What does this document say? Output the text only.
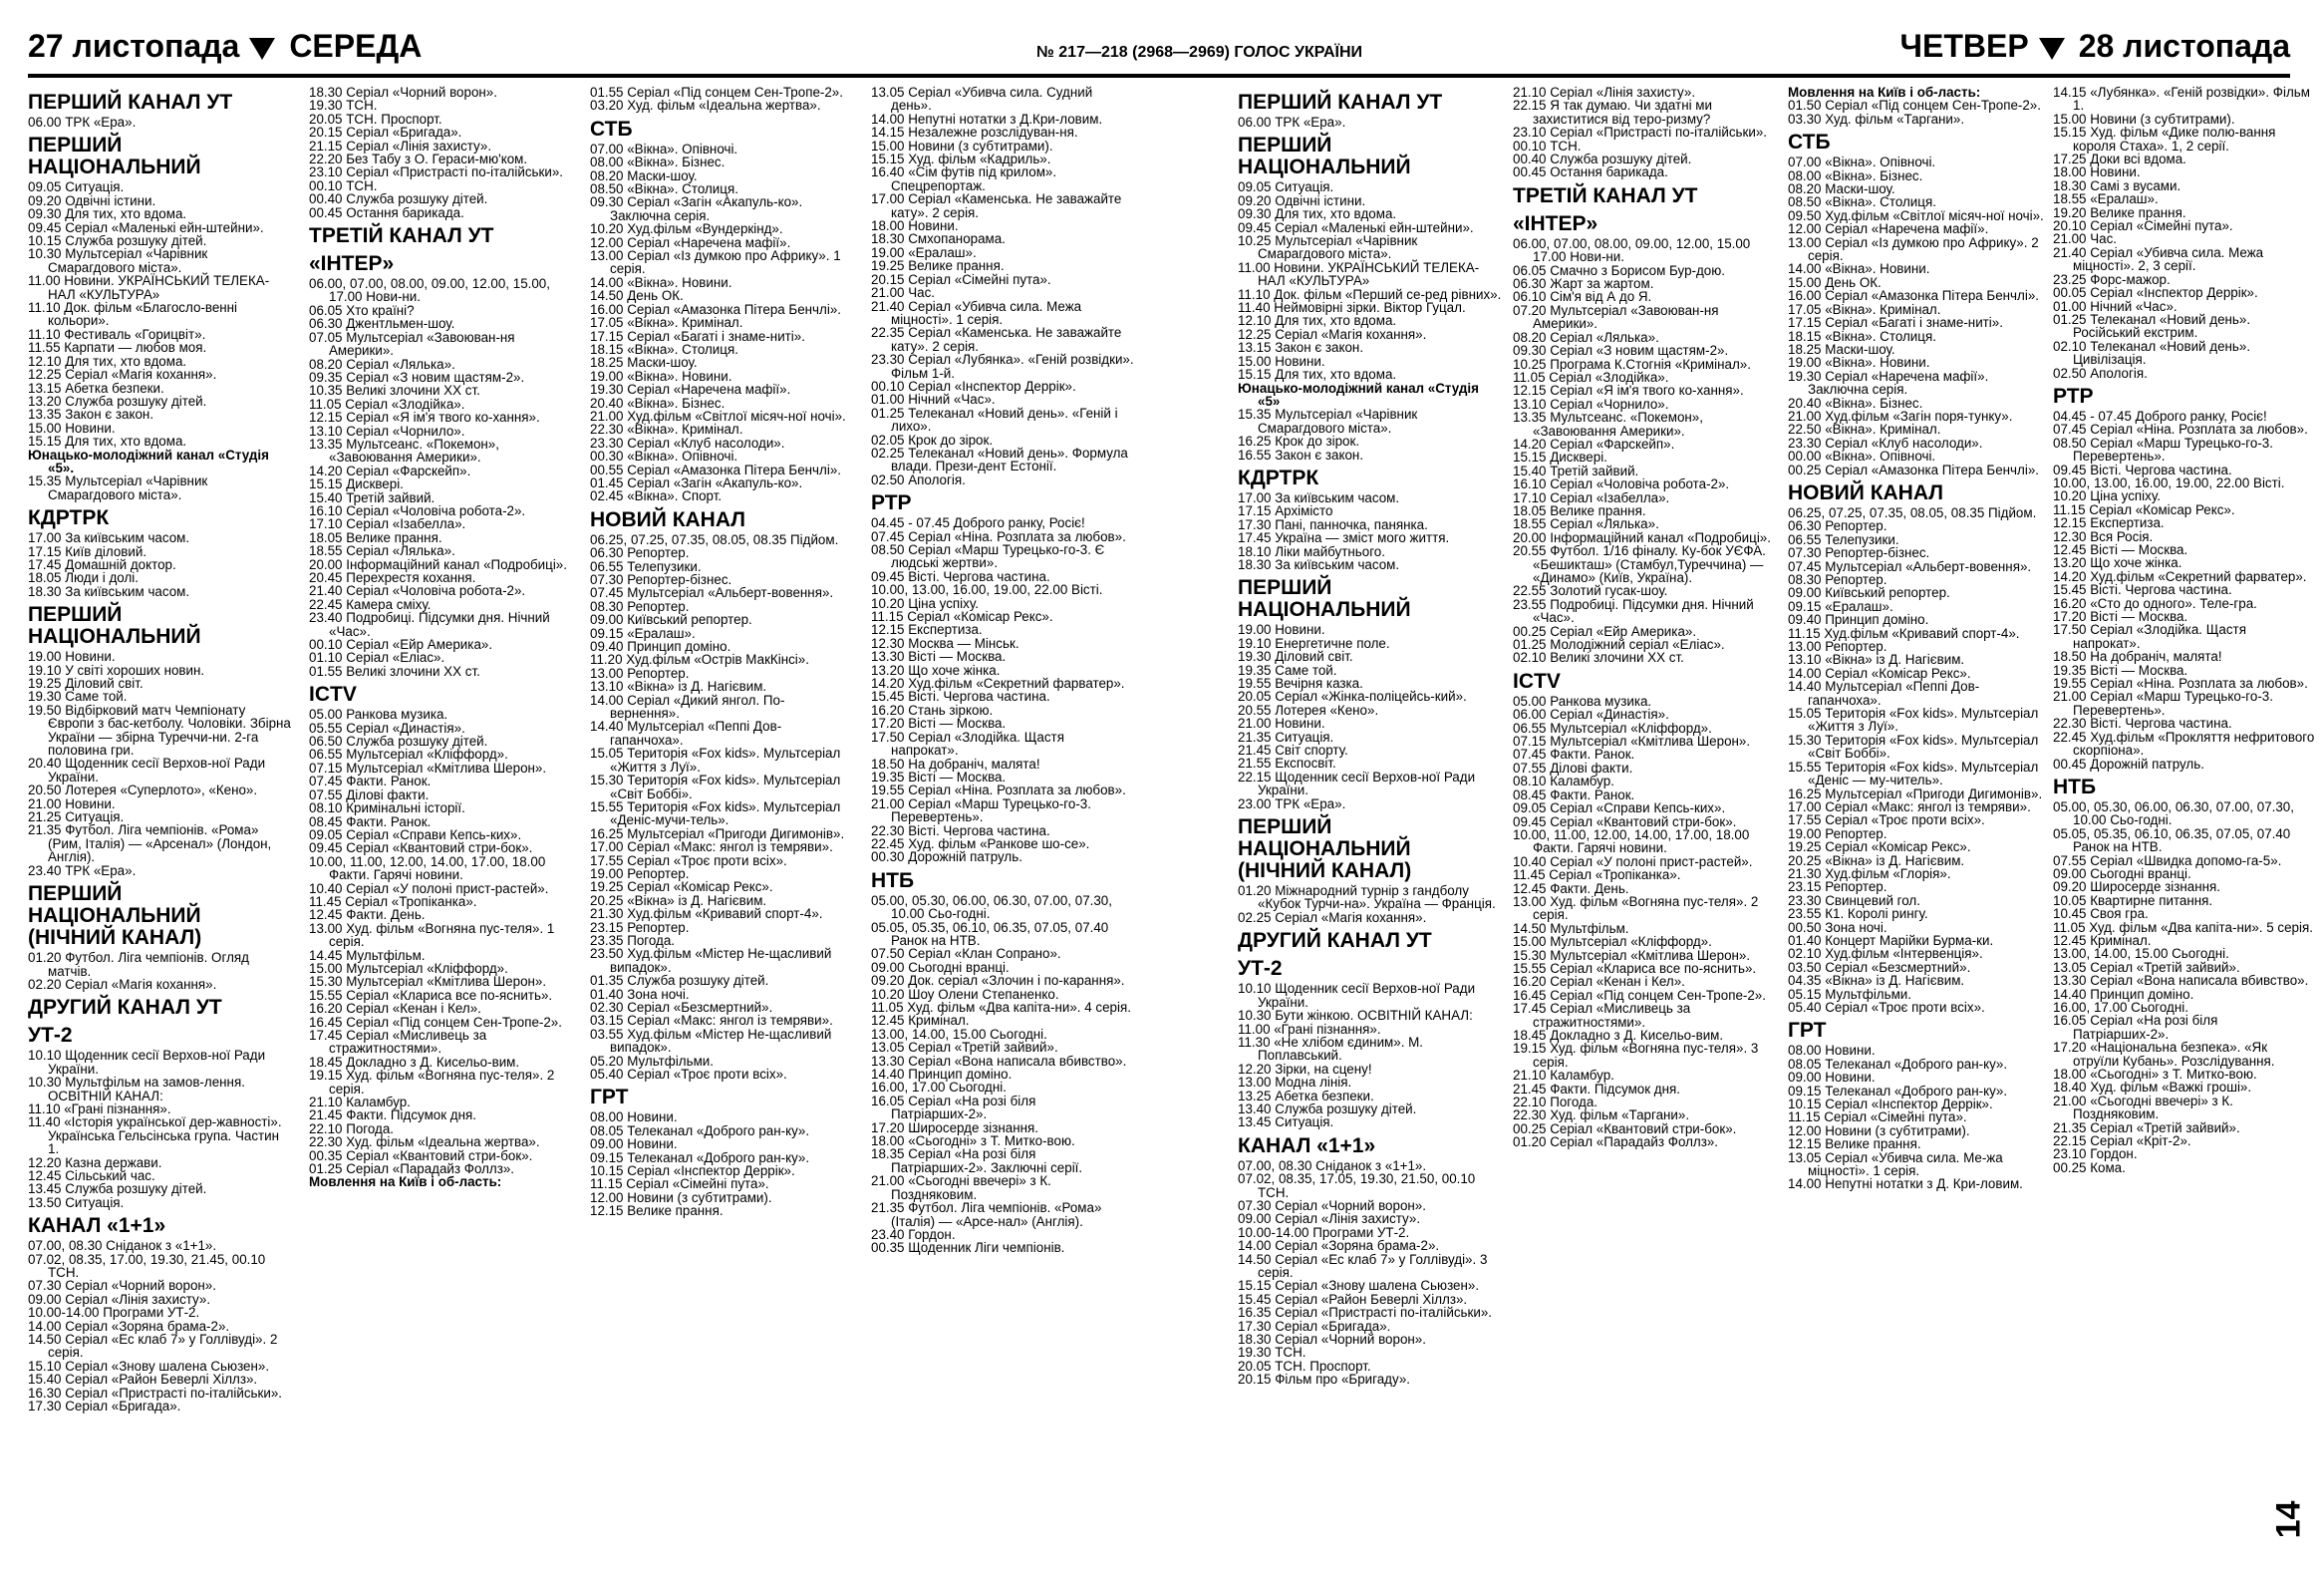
27 листопада СЕРЕДА	№ 217—218 (2968—2969) ГОЛОС УКРАЇНИ	ЧЕТВЕР 28 листопада
ПЕРШИЙ КАНАЛ УТ
06.00 ТРК «Ера».
ПЕРШИЙ НАЦІОНАЛЬНИЙ
09.05 Ситуація.
09.20 Одвічні істини.
09.30 Для тих, хто вдома.
09.45 Серіал «Маленькі ейн-штейни».
10.15 Служба розшуку дітей.
10.30 Мультсеріал «Чарівник Смарагдового міста».
11.00 Новини. УКРАЇНСЬКИЙ ТЕЛЕКА-НАЛ «КУЛЬТУРА»
11.10 Док. фільм «Благосло-венні кольори».
11.10 Фестиваль «Горицвіт».
11.55 Карпати — любов моя.
12.10 Для тих, хто вдома.
12.25 Серіал «Магія кохання».
13.15 Абетка безпеки.
13.20 Служба розшуку дітей.
13.35 Закон є закон.
15.00 Новини.
15.15 Для тих, хто вдома.
Юнацько-молодіжний канал «Студія «5».
15.35 Мультсеріал «Чарівник Смарагдового міста».
КДРТРК
17.00 За київським часом.
17.15 Київ діловий.
17.45 Домашній доктор.
18.05 Люди і долі.
18.30 За київським часом.
ПЕРШИЙ НАЦІОНАЛЬНИЙ
19.00 Новини.
19.10 У світі хороших новин.
19.25 Діловий світ.
19.30 Саме той.
19.50 Відбірковий матч Чемпіонату Європи з бас-кетболу. Чоловіки. Збірна України — збірна Туреччи-ни. 2-га половина гри.
20.40 Щоденник сесії Верхов-ної Ради України.
20.50 Лотерея «Суперлото», «Кено».
21.00 Новини.
21.25 Ситуація.
21.35 Футбол. Ліга чемпіонів. «Рома» (Рим, Італія) — «Арсенал» (Лондон, Англія).
23.40 ТРК «Ера».
ПЕРШИЙ НАЦІОНАЛЬНИЙ (НІЧНИЙ КАНАЛ)
01.20 Футбол. Ліга чемпіонів. Огляд матчів.
02.20 Серіал «Магія кохання».
ДРУГИЙ КАНАЛ УТ
УТ-2
10.10 Щоденник сесії Верхов-ної Ради України.
10.30 Мультфільм на замов-лення. ОСВІТНІЙ КАНАЛ:
11.10 «Грані пізнання».
11.40 «Історія української дер-жавності». Українська Гельсінська група. Частин 1.
12.20 Казна держави.
12.45 Сільський час.
13.45 Служба розшуку дітей.
13.50 Ситуація.
КАНАЛ «1+1»
07.00, 08.30 Сніданок з «1+1».
07.02, 08.35, 17.00, 19.30, 21.45, 00.10 ТСН.
07.30 Серіал «Чорний ворон».
09.00 Серіал «Лінія захисту».
10.00-14.00 Програми УТ-2.
14.00 Серіал «Зоряна брама-2».
14.50 Серіал «Ес клаб 7» у Голлівуді». 2 серія.
15.10 Серіал «Знову шалена Сьюзен».
15.40 Серіал «Район Беверлі Хіллз».
16.30 Серіал «Пристрасті по-італійськи».
17.30 Серіал «Бригада».
18.30 Серіал «Чорний ворон».
19.30 ТСН.
20.05 ТСН. Проспорт.
20.15 Серіал «Бригада».
21.15 Серіал «Лінія захисту».
22.20 Без Табу з О. Гераси-мю'ком.
23.10 Серіал «Пристрасті по-італійськи».
00.10 ТСН.
00.40 Служба розшуку дітей.
00.45 Остання барикада.
ТРЕТІЙ КАНАЛ УТ
«ІНТЕР»
06.00, 07.00, 08.00, 09.00, 12.00, 15.00, 17.00 Нови-ни.
06.05 Хто країні?
06.30 Джентльмен-шоу.
07.05 Мультсеріал «Завоюван-ня Америки».
08.20 Серіал «Лялька».
09.35 Серіал «З новим щастям-2».
10.35 Великі злочини XX ст.
11.05 Серіал «Злодійка».
12.15 Серіал «Я ім'я твого ко-хання».
13.10 Серіал «Чорнило».
13.35 Мультсеанс. «Покемон», «Завоювання Америки».
14.20 Серіал «Фарскейп».
15.15 Дисквері.
15.40 Третій зайвий.
16.10 Серіал «Чоловіча робота-2».
17.10 Серіал «Ізабелла».
18.05 Велике прання.
18.55 Серіал «Лялька».
20.00 Інформаційний канал «Подробиці».
20.45 Перехрестя кохання.
21.40 Серіал «Чоловіча робота-2».
22.45 Камера сміху.
23.40 Подробиці. Підсумки дня. Нічний «Час».
00.10 Серіал «Ейр Америка».
01.10 Серіал «Еліас».
01.55 Великі злочини XX ст.
ICTV
05.00 Ранкова музика.
05.55 Серіал «Династія».
06.50 Служба розшуку дітей.
06.55 Мультсеріал «Кліффорд».
07.15 Мультсеріал «Кмітлива Шерон».
07.45 Факти. Ранок.
07.55 Ділові факти.
08.10 Кримінальні історії.
08.45 Факти. Ранок.
09.05 Серіал «Справи Кепсь-ких».
09.45 Серіал «Квантовий стри-бок».
10.00, 11.00, 12.00, 14.00, 17.00, 18.00 Факти. Гарячі новини.
10.40 Серіал «У полоні прист-растей».
11.45 Серіал «Тропіканка».
12.45 Факти. День.
13.00 Худ. фільм «Вогняна пус-теля». 1 серія.
14.45 Мультфільм.
15.00 Мультсеріал «Кліффорд».
15.30 Мультсеріал «Кмітлива Шерон».
15.55 Серіал «Клариса все по-яснить».
16.20 Серіал «Кенан і Кел».
16.45 Серіал «Під сонцем Сен-Тропе-2».
17.45 Серіал «Мисливець за стражитностями».
18.45 Докладно з Д. Кисельо-вим.
19.15 Худ. фільм «Вогняна пус-теля». 2 серія.
21.10 Каламбур.
21.45 Факти. Підсумок дня.
22.10 Погода.
22.30 Худ. фільм «Ідеальна жертва».
00.35 Серіал «Квантовий стри-бок».
01.25 Серіал «Парадайз Фоллз».
Мовлення на Київ і об-ласть:
01.55 Серіал «Під сонцем Сен-Тропе-2».
03.20 Худ. фільм «Ідеальна жертва».
СТБ
07.00 «Вікна». Опівночі.
08.00 «Вікна». Бізнес.
08.20 Маски-шоу.
08.50 «Вікна». Столиця.
09.30 Серіал «Загін «Акапуль-ко». Заключна серія.
10.20 Худ.фільм «Вундеркінд».
12.00 Серіал «Наречена мафії».
13.00 Серіал «Із думкою про Африку». 1 серія.
14.00 «Вікна». Новини.
14.50 День ОК.
16.00 Серіал «Амазонка Пітера Бенчлі».
17.05 «Вікна». Кримінал.
17.15 Серіал «Багаті і знаме-ниті».
18.15 «Вікна». Столиця.
18.25 Маски-шоу.
19.00 «Вікна». Новини.
19.30 Серіал «Наречена мафії».
20.40 «Вікна». Бізнес.
21.00 Худ.фільм «Світлої місяч-ної ночі».
22.30 «Вікна». Кримінал.
23.30 Серіал «Клуб насолоди».
00.30 «Вікна». Опівночі.
00.55 Серіал «Амазонка Пітера Бенчлі».
01.45 Серіал «Загін «Акапуль-ко».
02.45 «Вікна». Спорт.
НОВИЙ КАНАЛ
06.25, 07.25, 07.35, 08.05, 08.35 Підйом.
06.30 Репортер.
06.55 Телепузики.
07.30 Репортер-бізнес.
07.45 Мультсеріал «Альберт-вовення».
08.30 Репортер.
09.00 Київський репортер.
09.15 «Ералаш».
09.40 Принцип доміно.
11.20 Худ.фільм «Острів МакКінсі».
13.00 Репортер.
13.10 «Вікна» із Д. Нагієвим.
14.00 Серіал «Дикий янгол. По-вернення».
14.40 Мультсеріал «Пеппі Дов-гапанчоха».
15.05 Територія «Fox kids». Мультсеріал «Життя з Луї».
15.30 Територія «Fox kids». Мультсеріал «Світ Боббі».
15.55 Територія «Fox kids». Мультсеріал «Деніс-мучи-тель».
16.25 Мультсеріал «Пригоди Дигимонів».
17.00 Серіал «Макс: янгол із темряви».
17.55 Серіал «Троє проти всіх».
19.00 Репортер.
19.25 Серіал «Комісар Рекс».
20.25 «Вікна» із Д. Нагієвим.
21.30 Худ.фільм «Кривавий спорт-4».
23.15 Репортер.
23.35 Погода.
23.50 Худ.фільм «Містер Не-щасливий випадок».
01.35 Служба розшуку дітей.
01.40 Зона ночі.
02.30 Серіал «Безсмертний».
03.15 Серіал «Макс: янгол із темряви».
03.55 Худ.фільм «Містер Не-щасливий випадок».
05.20 Мультфільми.
05.40 Серіал «Троє проти всіх».
ГРТ
08.00 Новини.
08.05 Телеканал «Доброго ран-ку».
09.00 Новини.
09.15 Телеканал «Доброго ран-ку».
10.15 Серіал «Інспектор Деррік».
11.15 Серіал «Сімейні пута».
12.00 Новини (з субтитрами).
12.15 Велике прання.
13.05 Серіал «Убивча сила. Судний день».
14.00 Непутні нотатки з Д.Кри-ловим.
14.15 Незалежне розслідуван-ня.
15.00 Новини (з субтитрами).
15.15 Худ. фільм «Кадриль».
16.40 «Сім футів під крилом». Спецрепортаж.
17.00 Серіал «Каменська. Не заважайте кату». 2 серія.
18.00 Новини.
18.30 Смхопанорама.
19.00 «Ералаш».
19.25 Велике прання.
20.15 Серіал «Сімейні пута».
21.00 Час.
21.40 Серіал «Убивча сила. Межа міцності». 1 серія.
22.35 Серіал «Каменська. Не заважайте кату». 2 серія.
23.30 Серіал «Лубянка». «Геній розвідки». Фільм 1-й.
00.10 Серіал «Інспектор Деррік».
01.00 Нічний «Час».
01.25 Телеканал «Новий день». «Геній і лихо».
02.05 Крок до зірок.
02.25 Телеканал «Новий день». Формула влади. Прези-дент Естонії.
02.50 Апологія.
РТР
04.45 - 07.45 Доброго ранку, Росіє!
07.45 Серіал «Ніна. Розплата за любов».
08.50 Серіал «Марш Турецько-го-3. Є людські жертви».
09.45 Вісті. Чергова частина.
10.00, 13.00, 16.00, 19.00, 22.00 Вісті.
10.20 Ціна успіху.
11.15 Серіал «Комісар Рекс».
12.15 Експертиза.
12.30 Москва — Мінськ.
13.30 Вісті — Москва.
13.20 Що хоче жінка.
14.20 Худ.фільм «Секретний фарватер».
15.45 Вісті. Чергова частина.
16.20 Стань зіркою.
17.20 Вісті — Москва.
17.50 Серіал «Злодійка. Щастя напрокат».
18.50 На добраніч, малята!
19.35 Вісті — Москва.
19.55 Серіал «Ніна. Розплата за любов».
21.00 Серіал «Марш Турецько-го-3. Перевертень».
22.30 Вісті. Чергова частина.
22.45 Худ. фільм «Ранкове шо-се».
00.30 Дорожній патруль.
НТБ
05.00, 05.30, 06.00, 06.30, 07.00, 07.30, 10.00 Сьо-годні.
05.05, 05.35, 06.10, 06.35, 07.05, 07.40 Ранок на НТВ.
07.50 Серіал «Клан Сопрано».
09.00 Сьогодні вранці.
09.20 Док. серіал «Злочин і по-карання».
10.20 Шоу Олени Степаненко.
11.05 Худ. фільм «Два капіта-ни». 4 серія.
12.45 Кримінал.
13.00, 14.00, 15.00 Сьогодні.
13.05 Серіал «Третій зайвий».
13.30 Серіал «Вона написала вбивство».
14.40 Принцип доміно.
16.00, 17.00 Сьогодні.
16.05 Серіал «На розі біля Патріарших-2».
17.20 Широсерде зізнання.
18.00 «Сьогодні» з Т. Митко-вою.
18.35 Серіал «На розі біля Патріарших-2». Заключні серії.
21.00 «Сьогодні ввечері» з К. Поздняковим.
21.35 Футбол. Ліга чемпіонів. «Рома» (Італія) — «Арсе-нал» (Англія).
23.40 Гордон.
00.35 Щоденник Ліги чемпіонів.
ПЕРШИЙ КАНАЛ УТ
06.00 ТРК «Ера».
ПЕРШИЙ НАЦІОНАЛЬНИЙ
09.05 Ситуація.
09.20 Одвічні істини.
09.30 Для тих, хто вдома.
09.45 Серіал «Маленькі ейн-штейни».
10.25 Мультсеріал «Чарівник Смарагдового міста».
11.00 Новини. УКРАЇНСЬКИЙ ТЕЛЕКА-НАЛ «КУЛЬТУРА»
11.10 Док. фільм «Перший се-ред рівних».
11.40 Неймовірні зірки. Віктор Гуцал.
12.10 Для тих, хто вдома.
12.25 Серіал «Магія кохання».
13.15 Закон є закон.
15.00 Новини.
15.15 Для тих, хто вдома.
Юнацько-молодіжний канал «Студія «5»
15.35 Мультсеріал «Чарівник Смарагдового міста».
16.25 Крок до зірок.
16.55 Закон є закон.
КДРТРК
17.00 За київським часом.
17.15 Архімісто
17.30 Пані, панночка, панянка.
17.45 Україна — зміст мого життя.
18.10 Ліки майбутнього.
18.30 За київським часом.
ПЕРШИЙ НАЦІОНАЛЬНИЙ
19.00 Новини.
19.10 Енергетичне поле.
19.30 Діловий світ.
19.35 Саме той.
19.55 Вечірня казка.
20.05 Серіал «Жінка-поліцейсь-кий».
20.55 Лотерея «Кено».
21.00 Новини.
21.35 Ситуація.
21.45 Світ спорту.
21.55 Експосвіт.
22.15 Щоденник сесії Верхов-ної Ради України.
23.00 ТРК «Ера».
ПЕРШИЙ НАЦІОНАЛЬНИЙ (НІЧНИЙ КАНАЛ)
01.20 Міжнародний турнір з гандболу «Кубок Турчи-на». Україна — Франція.
02.25 Серіал «Магія кохання».
ДРУГИЙ КАНАЛ УТ
УТ-2
10.10 Щоденник сесії Верхов-ної Ради України.
10.30 Бути жінкою. ОСВІТНІЙ КАНАЛ:
11.00 «Грані пізнання».
11.30 «Не хлібом єдиним». М. Поплавський.
12.20 Зірки, на сцену!
13.00 Модна лінія.
13.25 Абетка безпеки.
13.40 Служба розшуку дітей.
13.45 Ситуація.
КАНАЛ «1+1»
07.00, 08.30 Сніданок з «1+1».
07.02, 08.35, 17.05, 19.30, 21.50, 00.10 ТСН.
07.30 Серіал «Чорний ворон».
09.00 Серіал «Лінія захисту».
10.00-14.00 Програми УТ-2.
14.00 Серіал «Зоряна брама-2».
14.50 Серіал «Ес клаб 7» у Голлівуді». 3 серія.
15.15 Серіал «Знову шалена Сьюзен».
15.45 Серіал «Район Беверлі Хіллз».
16.35 Серіал «Пристрасті по-італійськи».
17.30 Серіал «Бригада».
18.30 Серіал «Чорний ворон».
19.30 ТСН.
20.05 ТСН. Проспорт.
20.15 Фільм про «Бригаду».
21.10 Серіал «Лінія захисту».
22.15 Я так думаю. Чи здатні ми захиститися від теро-ризму?
23.10 Серіал «Пристрасті по-італійськи».
00.10 ТСН.
00.40 Служба розшуку дітей.
00.45 Остання барикада.
ТРЕТІЙ КАНАЛ УТ
«ІНТЕР»
06.00, 07.00, 08.00, 09.00, 12.00, 15.00 17.00 Нови-ни.
06.05 Смачно з Борисом Бур-дою.
06.30 Жарт за жартом.
06.10 Сім'я від А до Я.
07.20 Мультсеріал «Завоюван-ня Америки».
08.20 Серіал «Лялька».
09.30 Серіал «З новим щастям-2».
10.25 Програма К.Стогнія «Кримінал».
11.05 Серіал «Злодійка».
12.15 Серіал «Я ім'я твого ко-хання».
13.10 Серіал «Чорнило».
13.35 Мультсеанс. «Покемон», «Завоювання Америки».
14.20 Серіал «Фарскейп».
15.15 Дисквері.
15.40 Третій зайвий.
16.10 Серіал «Чоловіча робота-2».
17.10 Серіал «Ізабелла».
18.05 Велике прання.
18.55 Серіал «Лялька».
20.00 Інформаційний канал «Подробиці».
20.55 Футбол. 1/16 фіналу. Ку-бок УЄФА. «Бешикташ» (Стамбул,Туреччина) — «Динамо» (Київ, Україна).
22.55 Золотий гусак-шоу.
23.55 Подробиці. Підсумки дня. Нічний «Час».
00.25 Серіал «Ейр Америка».
01.25 Молодіжний серіал «Еліас».
02.10 Великі злочини XX ст.
ICTV
05.00 Ранкова музика.
06.00 Серіал «Династія».
06.55 Мультсеріал «Кліффорд».
07.15 Мультсеріал «Кмітлива Шерон».
07.45 Факти. Ранок.
07.55 Ділові факти.
08.10 Каламбур.
08.45 Факти. Ранок.
09.05 Серіал «Справи Кепсь-ких».
09.45 Серіал «Квантовий стри-бок».
10.00, 11.00, 12.00, 14.00, 17.00, 18.00 Факти. Гарячі новини.
10.40 Серіал «У полоні прист-растей».
11.45 Серіал «Тропіканка».
12.45 Факти. День.
13.00 Худ. фільм «Вогняна пус-теля». 2 серія.
14.50 Мультфільм.
15.00 Мультсеріал «Кліффорд».
15.30 Мультсеріал «Кмітлива Шерон».
15.55 Серіал «Клариса все по-яснить».
16.20 Серіал «Кенан і Кел».
16.45 Серіал «Під сонцем Сен-Тропе-2».
17.45 Серіал «Мисливець за стражитностями».
18.45 Докладно з Д. Кисельо-вим.
19.15 Худ. фільм «Вогняна пус-теля». 3 серія.
21.10 Каламбур.
21.45 Факти. Підсумок дня.
22.10 Погода.
22.30 Худ. фільм «Таргани».
00.25 Серіал «Квантовий стри-бок».
01.20 Серіал «Парадайз Фоллз».
Мовлення на Київ і об-ласть:
01.50 Серіал «Під сонцем Сен-Тропе-2».
03.30 Худ. фільм «Таргани».
СТБ
07.00 «Вікна». Опівночі.
08.00 «Вікна». Бізнес.
08.20 Маски-шоу.
08.50 «Вікна». Столиця.
09.50 Худ.фільм «Світлої місяч-ної ночі».
12.00 Серіал «Наречена мафії».
13.00 Серіал «Із думкою про Африку». 2 серія.
14.00 «Вікна». Новини.
15.00 День ОК.
16.00 Серіал «Амазонка Пітера Бенчлі».
17.05 «Вікна». Кримінал.
17.15 Серіал «Багаті і знаме-ниті».
18.15 «Вікна». Столиця.
18.25 Маски-шоу.
19.00 «Вікна». Новини.
19.30 Серіал «Наречена мафії». Заключна серія.
20.40 «Вікна». Бізнес.
21.00 Худ.фільм «Загін поря-тунку».
22.50 «Вікна». Кримінал.
23.30 Серіал «Клуб насолоди».
00.00 «Вікна». Опівночі.
00.25 Серіал «Амазонка Пітера Бенчлі».
НОВИЙ КАНАЛ
06.25, 07.25, 07.35, 08.05, 08.35 Підйом.
06.30 Репортер.
06.55 Телепузики.
07.30 Репортер-бізнес.
07.45 Мультсеріал «Альберт-вовення».
08.30 Репортер.
09.00 Київський репортер.
09.15 «Ералаш».
09.40 Принцип доміно.
11.15 Худ.фільм «Кривавий спорт-4».
13.00 Репортер.
13.10 «Вікна» із Д. Нагієвим.
14.00 Серіал «Комісар Рекс».
14.40 Мультсеріал «Пеппі Дов-гапанчоха».
15.05 Територія «Fox kids». Мультсеріал «Життя з Луї».
15.30 Територія «Fox kids». Мультсеріал «Світ Боббі».
15.55 Територія «Fox kids». Мультсеріал «Деніс — му-читель».
16.25 Мультсеріал «Пригоди Дигимонів».
17.00 Серіал «Макс: янгол із темряви».
17.55 Серіал «Троє проти всіх».
19.00 Репортер.
19.25 Серіал «Комісар Рекс».
20.25 «Вікна» із Д. Нагієвим.
21.30 Худ.фільм «Глорія».
23.15 Репортер.
23.30 Свинцевий гол.
23.55 К1. Королі рингу.
00.50 Зона ночі.
01.40 Концерт Марійки Бурма-ки.
02.10 Худ.фільм «Інтервенція».
03.50 Серіал «Безсмертний».
04.35 «Вікна» із Д. Нагієвим.
05.15 Мультфільми.
05.40 Серіал «Троє проти всіх».
ГРТ
08.00 Новини.
08.05 Телеканал «Доброго ран-ку».
09.00 Новини.
09.15 Телеканал «Доброго ран-ку».
10.15 Серіал «Інспектор Деррік».
11.15 Серіал «Сімейні пута».
12.00 Новини (з субтитрами).
12.15 Велике прання.
13.05 Серіал «Убивча сила. Ме-жа міцності». 1 серія.
14.00 Непутні нотатки з Д. Кри-ловим.
14.15 «Лубянка». «Геній розвідки». Фільм 1.
15.00 Новини (з субтитрами).
15.15 Худ. фільм «Дике полю-вання короля Стаха». 1, 2 серії.
17.25 Доки всі вдома.
18.00 Новини.
18.30 Самі з вусами.
18.55 «Ералаш».
19.20 Велике прання.
20.10 Серіал «Сімейні пута».
21.00 Час.
21.40 Серіал «Убивча сила. Межа міцності». 2, 3 серії.
23.25 Форс-мажор.
00.05 Серіал «Інспектор Деррік».
01.00 Нічний «Час».
01.25 Телеканал «Новий день». Російський екстрим.
02.10 Телеканал «Новий день». Цивілізація.
02.50 Апологія.
РТР
04.45 - 07.45 Доброго ранку, Росіє!
07.45 Серіал «Ніна. Розплата за любов».
08.50 Серіал «Марш Турецько-го-3. Перевертень».
09.45 Вісті. Чергова частина.
10.00, 13.00, 16.00, 19.00, 22.00 Вісті.
10.20 Ціна успіху.
11.15 Серіал «Комісар Рекс».
12.15 Експертиза.
12.30 Вся Росія.
12.45 Вісті — Москва.
13.20 Що хоче жінка.
14.20 Худ.фільм «Секретний фарватер».
15.45 Вісті. Чергова частина.
16.20 «Сто до одного». Теле-гра.
17.20 Вісті — Москва.
17.50 Серіал «Злодійка. Щастя напрокат».
18.50 На добраніч, малята!
19.35 Вісті — Москва.
19.55 Серіал «Ніна. Розплата за любов».
21.00 Серіал «Марш Турецько-го-3. Перевертень».
22.30 Вісті. Чергова частина.
22.45 Худ.фільм «Прокляття нефритового скорпіона».
00.45 Дорожній патруль.
НТБ
05.00, 05.30, 06.00, 06.30, 07.00, 07.30, 10.00 Сьо-годні.
05.05, 05.35, 06.10, 06.35, 07.05, 07.40 Ранок на НТВ.
07.55 Серіал «Швидка допомо-га-5».
09.00 Сьогодні вранці.
09.20 Широсерде зізнання.
10.05 Квартирне питання.
10.45 Своя гра.
11.05 Худ. фільм «Два капіта-ни». 5 серія.
12.45 Кримінал.
13.00, 14.00, 15.00 Сьогодні.
13.05 Серіал «Третій зайвий».
13.30 Серіал «Вона написала вбивство».
14.40 Принцип доміно.
16.00, 17.00 Сьогодні.
16.05 Серіал «На розі біля Патріарших-2».
17.20 «Національна безпека». «Як отруїли Кубань». Розслідування.
18.00 «Сьогодні» з Т. Митко-вою.
18.40 Худ. фільм «Важкі гроші».
21.00 «Сьогодні ввечері» з К. Поздняковим.
21.35 Серіал «Третій зайвий».
22.15 Серіал «Кріт-2».
23.10 Гордон.
00.25 Кома.
14
